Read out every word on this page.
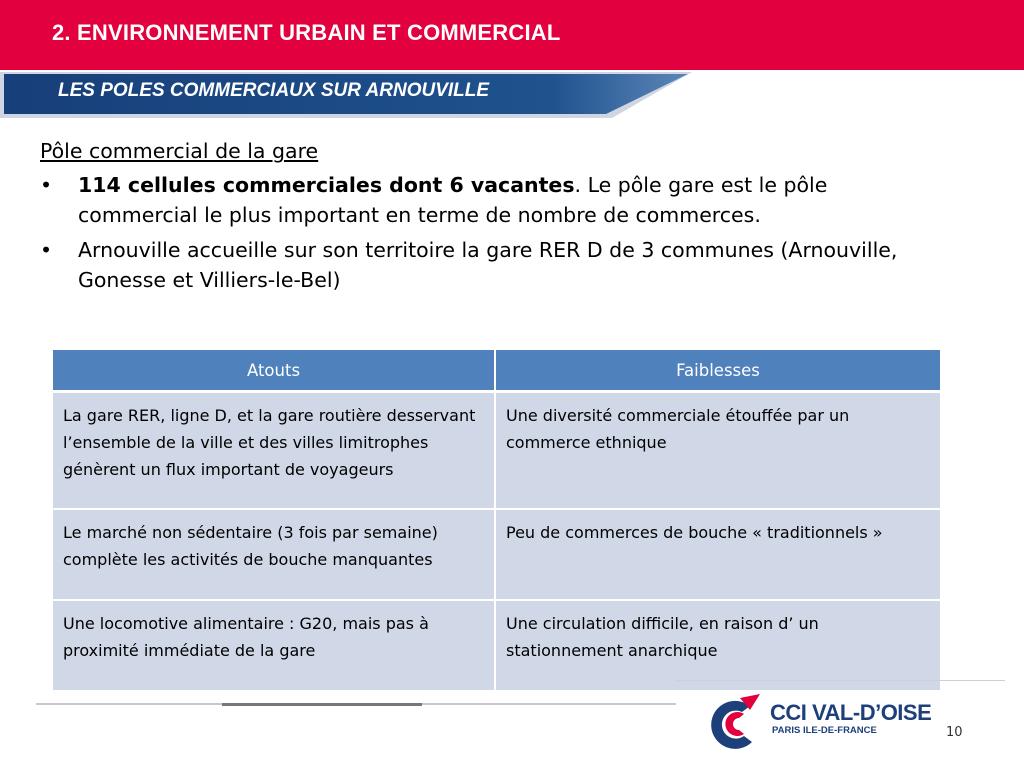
2. ENVIRONNEMENT URBAIN ET COMMERCIAL
LES POLES COMMERCIAUX SUR ARNOUVILLE
Pôle commercial de la gare
• 114 cellules commerciales dont 6 vacantes. Le pôle gare est le pôle commercial le plus important en terme de nombre de commerces.
• Arnouville accueille sur son territoire la gare RER D de 3 communes (Arnouville, Gonesse et Villiers-le-Bel)
Atouts	Faiblesses
La gare RER, ligne D, et la gare routière desservant l’ensemble de la ville et des villes limitrophes génèrent un flux important de voyageurs	Une diversité commerciale étouffée par un commerce ethnique
Le marché non sédentaire (3 fois par semaine) complète les activités de bouche manquantes	Peu de commerces de bouche « traditionnels »
Une locomotive alimentaire : G20, mais pas à proximité immédiate de la gare	Une circulation difficile, en raison d’ un stationnement anarchique
CCI VAL-D’OISE
PARIS ILE-DE-FRANCE	10
